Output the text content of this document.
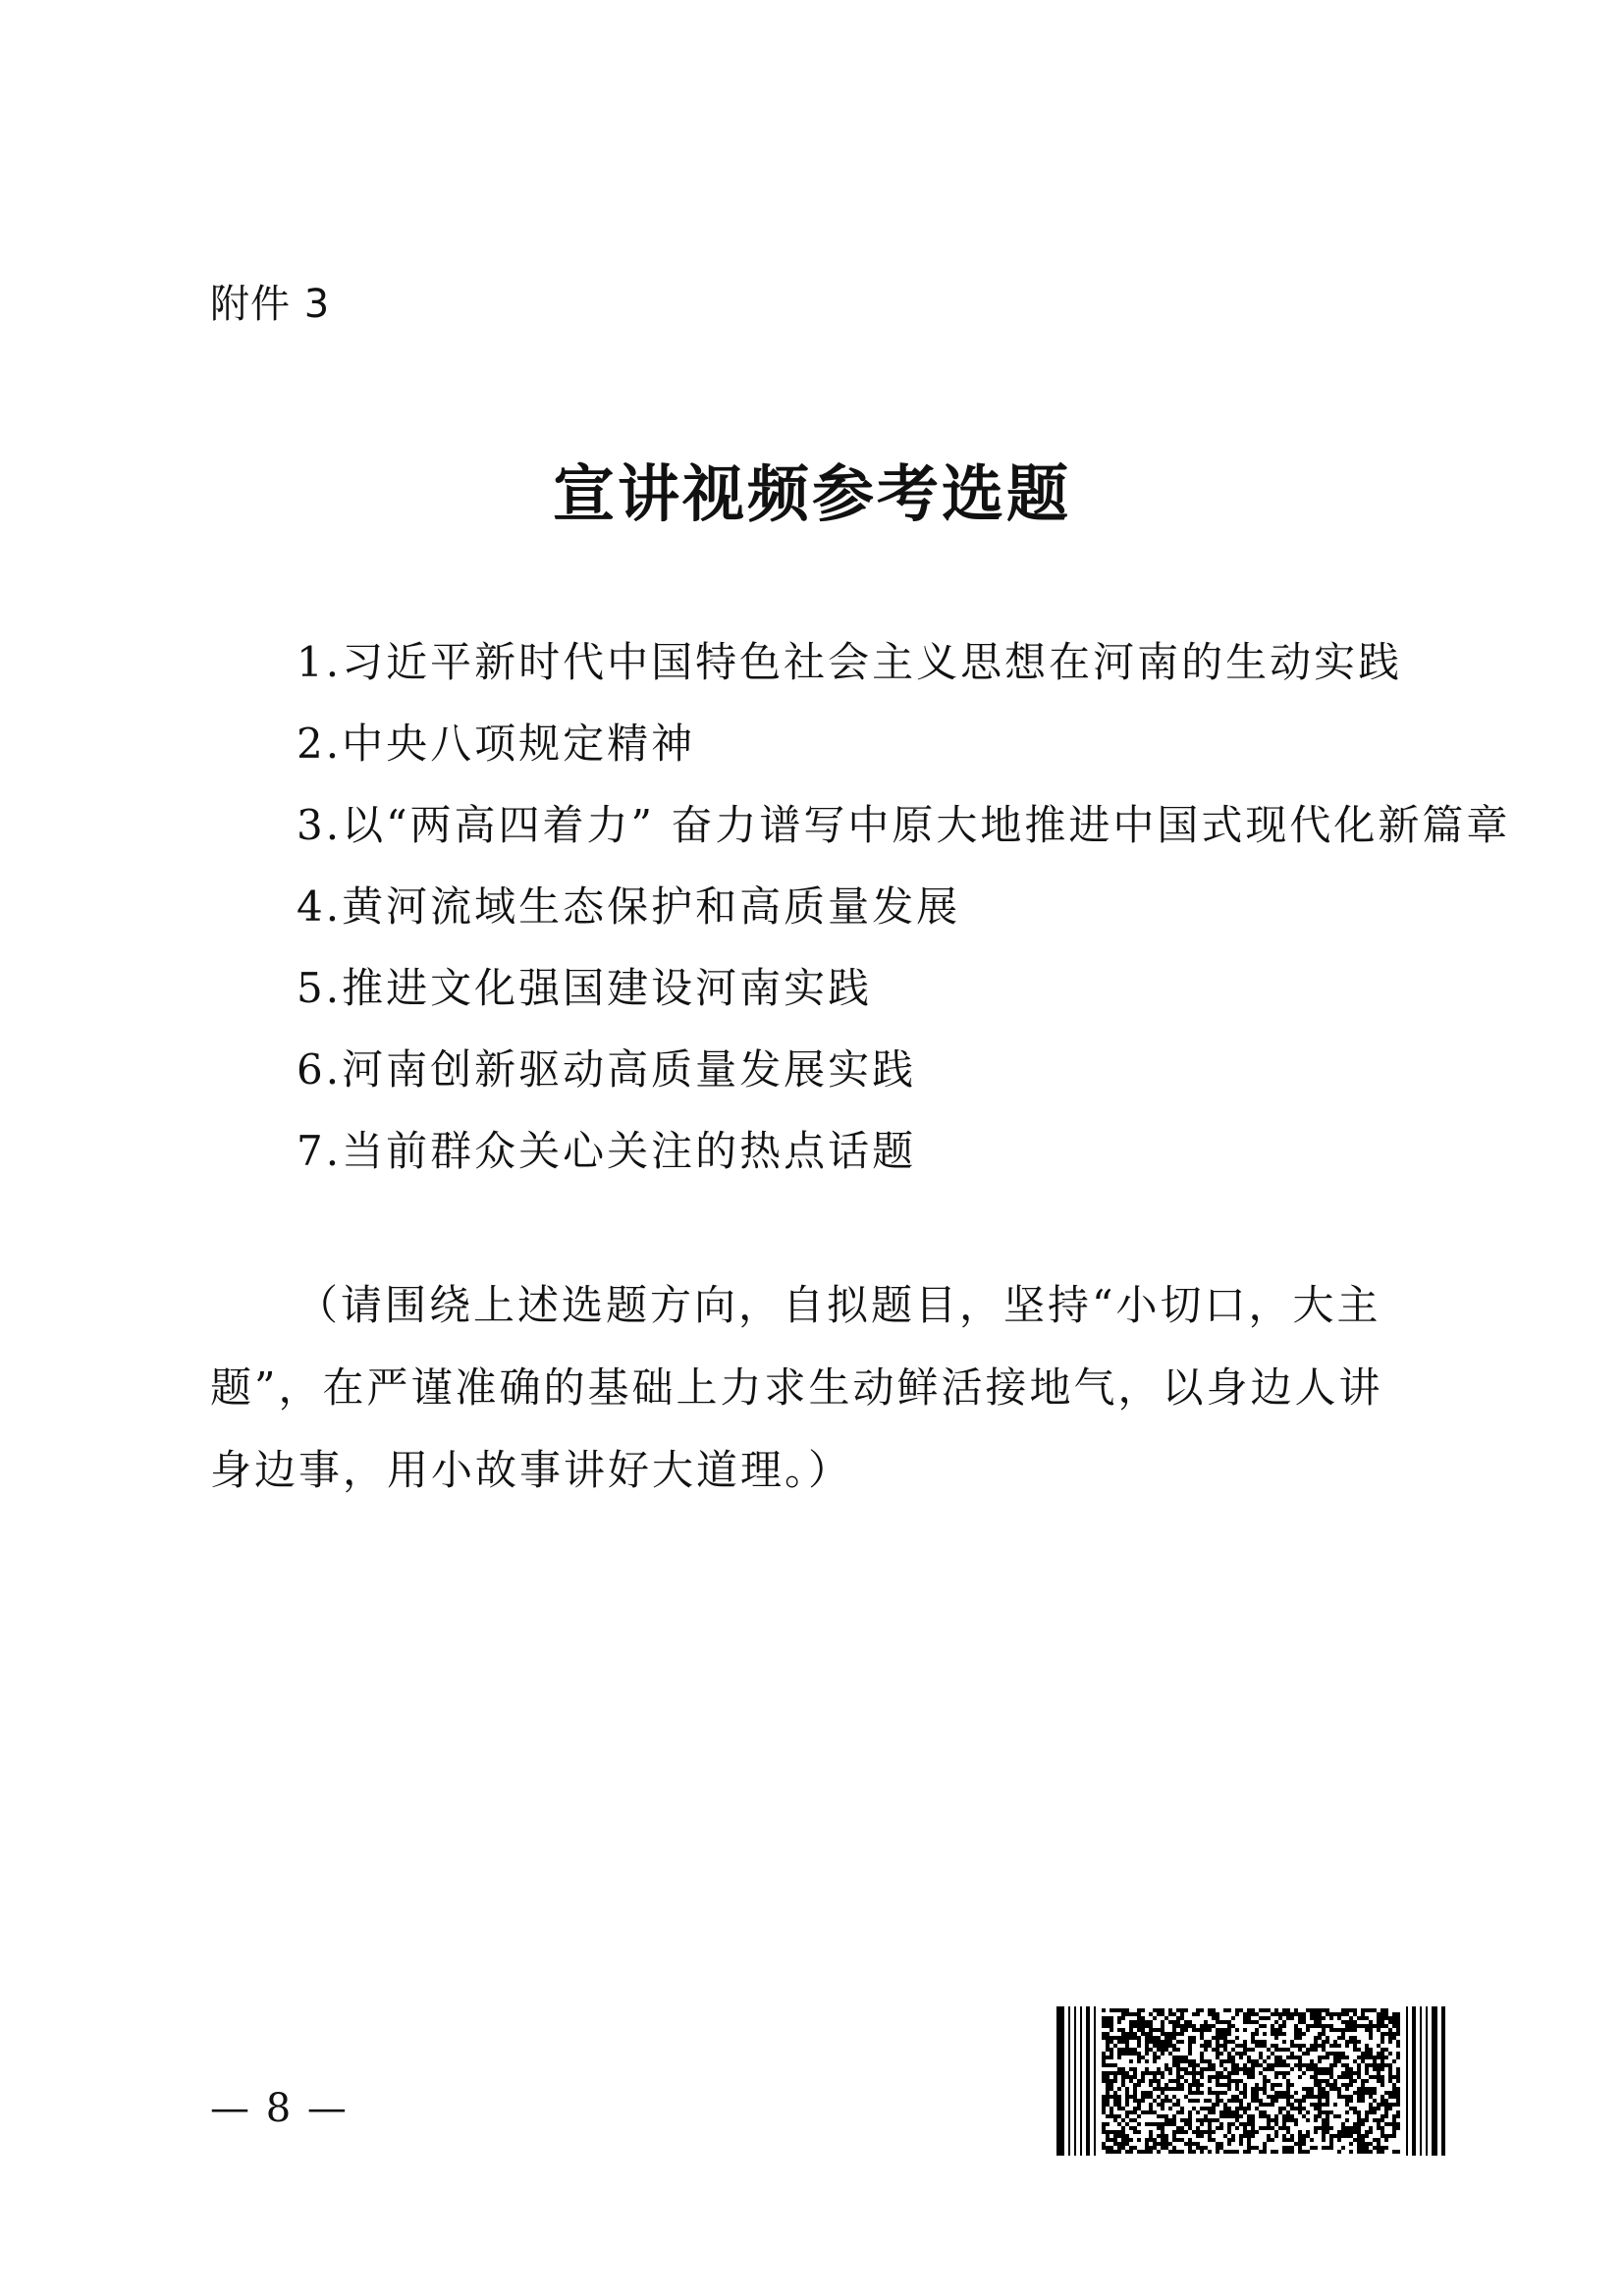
附件 3
宣讲视频参考选题
1. 习近平新时代中国特色社会主义思想在河南的生动实践
2. 中央八项规定精神
3. 以“两高四着力” 奋力谱写中原大地推进中国式现代化新篇章
4. 黄河流域生态保护和高质量发展
5. 推进文化强国建设河南实践
6. 河南创新驱动高质量发展实践
7. 当前群众关心关注的热点话题

（请围绕上述选题方向，自拟题目，坚持“小切口，大主题”，在严谨准确的基础上力求生动鲜活接地气，以身边人讲身边事，用小故事讲好大道理。）

— 8 —
